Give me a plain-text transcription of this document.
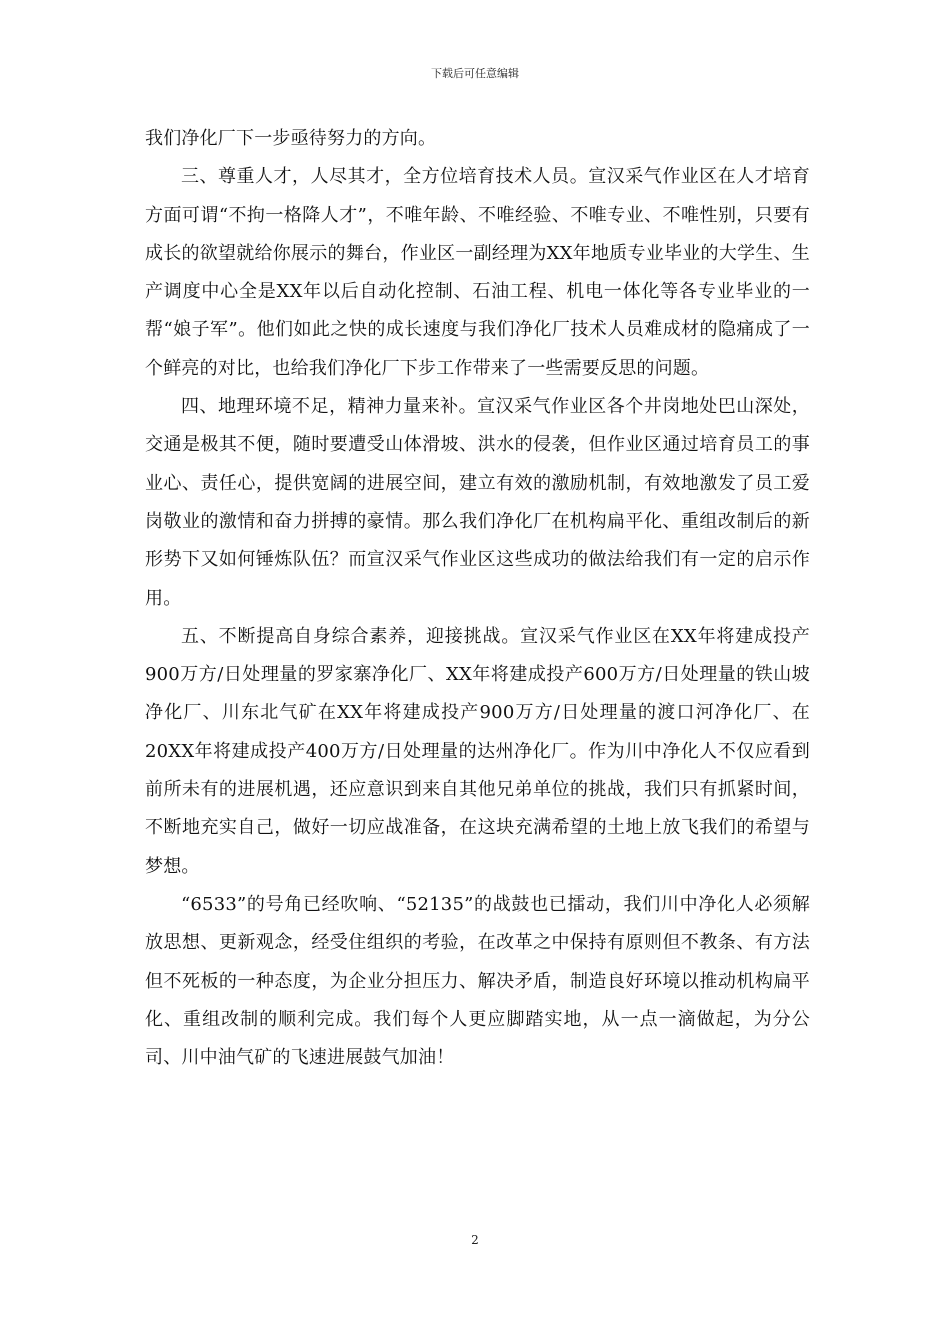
下载后可任意编辑

我们净化厂下一步亟待努力的方向。

三、尊重人才，人尽其才，全方位培育技术人员。宣汉采气作业区在人才培育方面可谓“不拘一格降人才”，不唯年龄、不唯经验、不唯专业、不唯性别，只要有成长的欲望就给你展示的舞台，作业区一副经理为XX年地质专业毕业的大学生、生产调度中心全是XX年以后自动化控制、石油工程、机电一体化等各专业毕业的一帮“娘子军”。他们如此之快的成长速度与我们净化厂技术人员难成材的隐痛成了一个鲜亮的对比，也给我们净化厂下步工作带来了一些需要反思的问题。

四、地理环境不足，精神力量来补。宣汉采气作业区各个井岗地处巴山深处，交通是极其不便，随时要遭受山体滑坡、洪水的侵袭，但作业区通过培育员工的事业心、责任心，提供宽阔的进展空间，建立有效的激励机制，有效地激发了员工爱岗敬业的激情和奋力拼搏的豪情。那么我们净化厂在机构扁平化、重组改制后的新形势下又如何锤炼队伍？而宣汉采气作业区这些成功的做法给我们有一定的启示作用。

五、不断提高自身综合素养，迎接挑战。宣汉采气作业区在XX年将建成投产900万方/日处理量的罗家寨净化厂、XX年将建成投产600万方/日处理量的铁山坡净化厂、川东北气矿在XX年将建成投产900万方/日处理量的渡口河净化厂、在20XX年将建成投产400万方/日处理量的达州净化厂。作为川中净化人不仅应看到前所未有的进展机遇，还应意识到来自其他兄弟单位的挑战，我们只有抓紧时间，不断地充实自己，做好一切应战准备，在这块充满希望的土地上放飞我们的希望与梦想。

“6533”的号角已经吹响、“52135”的战鼓也已擂动，我们川中净化人必须解放思想、更新观念，经受住组织的考验，在改革之中保持有原则但不教条、有方法但不死板的一种态度，为企业分担压力、解决矛盾，制造良好环境以推动机构扁平化、重组改制的顺利完成。我们每个人更应脚踏实地，从一点一滴做起，为分公司、川中油气矿的飞速进展鼓气加油！

2
